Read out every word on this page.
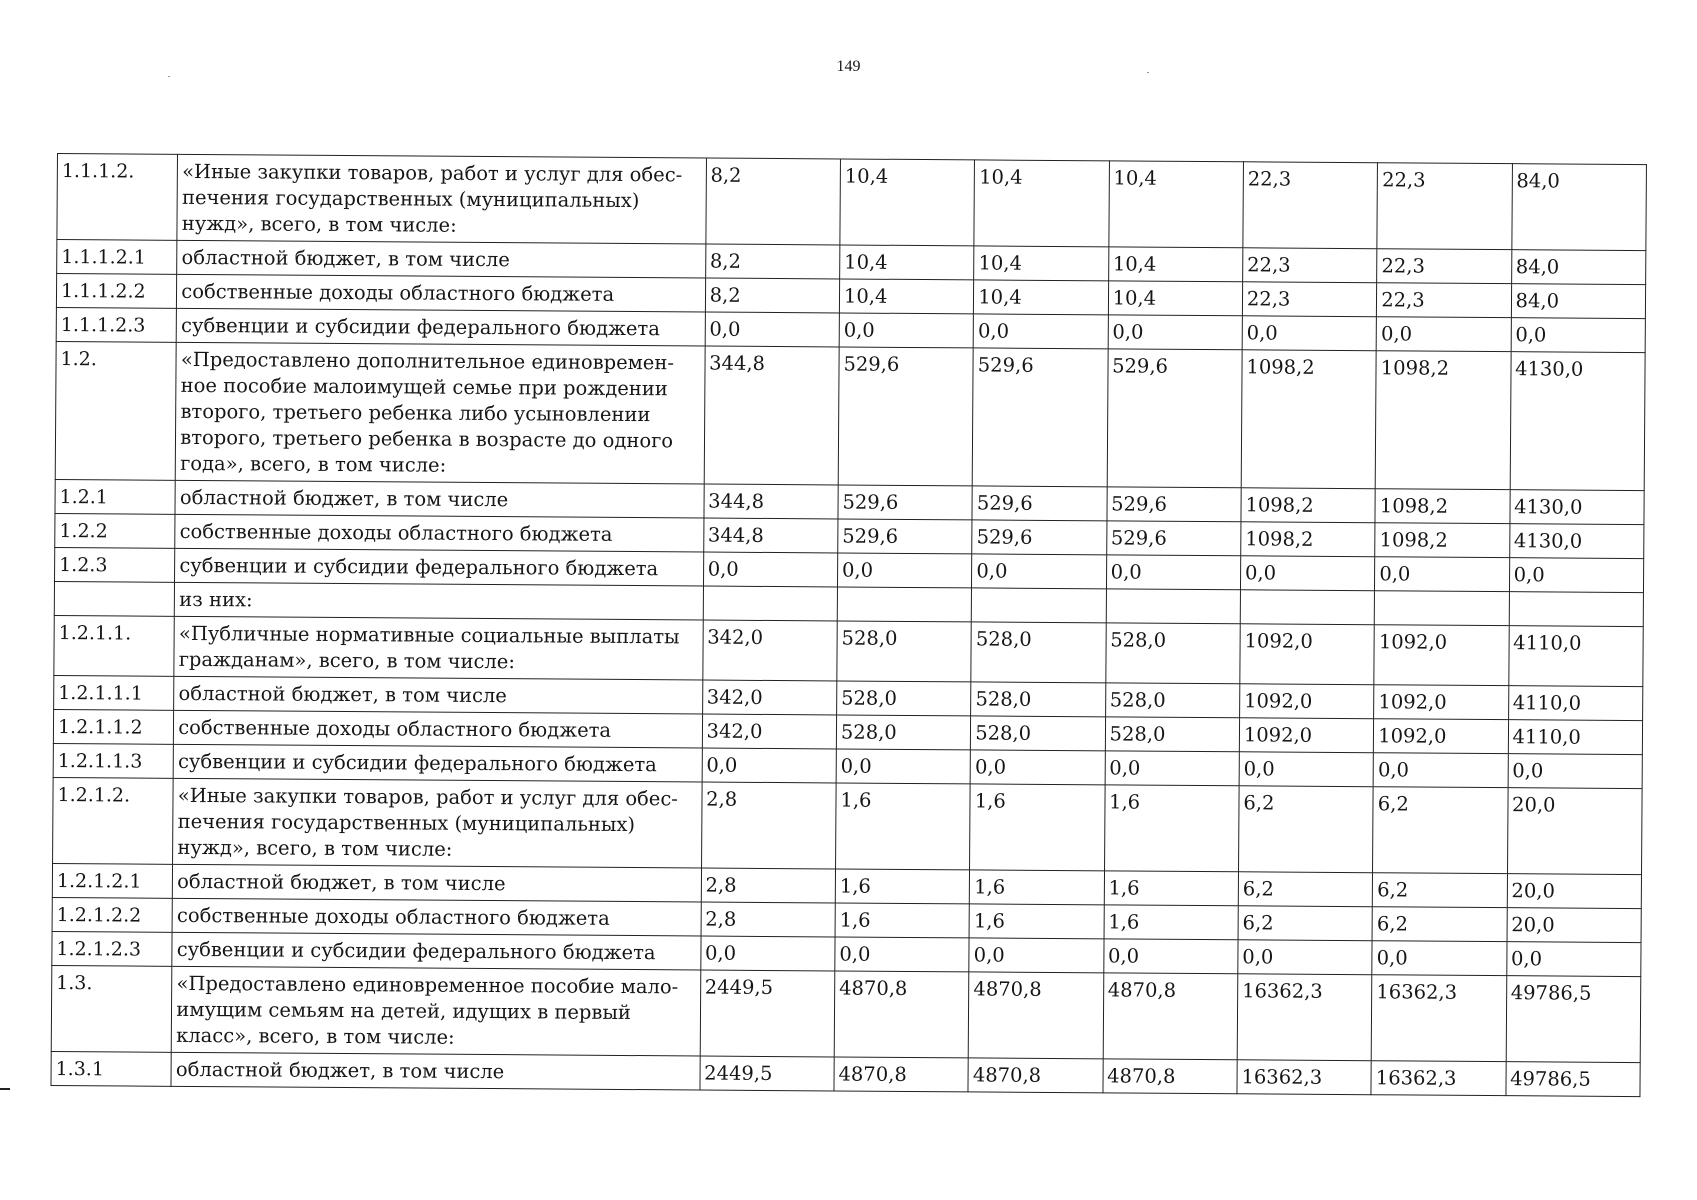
149
1.1.1.2.	«Иные закупки товаров, работ и услуг для обес-
печения государственных (муниципальных)
нужд», всего, в том числе:	8,2	10,4	10,4	10,4	22,3	22,3	84,0
1.1.1.2.1	областной бюджет, в том числе	8,2	10,4	10,4	10,4	22,3	22,3	84,0
1.1.1.2.2	собственные доходы областного бюджета	8,2	10,4	10,4	10,4	22,3	22,3	84,0
1.1.1.2.3	субвенции и субсидии федерального бюджета	0,0	0,0	0,0	0,0	0,0	0,0	0,0
1.2.	«Предоставлено дополнительное единовремен-
ное пособие малоимущей семье при рождении
второго, третьего ребенка либо усыновлении
второго, третьего ребенка в возрасте до одного
года», всего, в том числе:	344,8	529,6	529,6	529,6	1098,2	1098,2	4130,0
1.2.1	областной бюджет, в том числе	344,8	529,6	529,6	529,6	1098,2	1098,2	4130,0
1.2.2	собственные доходы областного бюджета	344,8	529,6	529,6	529,6	1098,2	1098,2	4130,0
1.2.3	субвенции и субсидии федерального бюджета	0,0	0,0	0,0	0,0	0,0	0,0	0,0
	из них:							
1.2.1.1.	«Публичные нормативные социальные выплаты
гражданам», всего, в том числе:	342,0	528,0	528,0	528,0	1092,0	1092,0	4110,0
1.2.1.1.1	областной бюджет, в том числе	342,0	528,0	528,0	528,0	1092,0	1092,0	4110,0
1.2.1.1.2	собственные доходы областного бюджета	342,0	528,0	528,0	528,0	1092,0	1092,0	4110,0
1.2.1.1.3	субвенции и субсидии федерального бюджета	0,0	0,0	0,0	0,0	0,0	0,0	0,0
1.2.1.2.	«Иные закупки товаров, работ и услуг для обес-
печения государственных (муниципальных)
нужд», всего, в том числе:	2,8	1,6	1,6	1,6	6,2	6,2	20,0
1.2.1.2.1	областной бюджет, в том числе	2,8	1,6	1,6	1,6	6,2	6,2	20,0
1.2.1.2.2	собственные доходы областного бюджета	2,8	1,6	1,6	1,6	6,2	6,2	20,0
1.2.1.2.3	субвенции и субсидии федерального бюджета	0,0	0,0	0,0	0,0	0,0	0,0	0,0
1.3.	«Предоставлено единовременное пособие мало-
имущим семьям на детей, идущих в первый
класс», всего, в том числе:	2449,5	4870,8	4870,8	4870,8	16362,3	16362,3	49786,5
1.3.1	областной бюджет, в том числе	2449,5	4870,8	4870,8	4870,8	16362,3	16362,3	49786,5
